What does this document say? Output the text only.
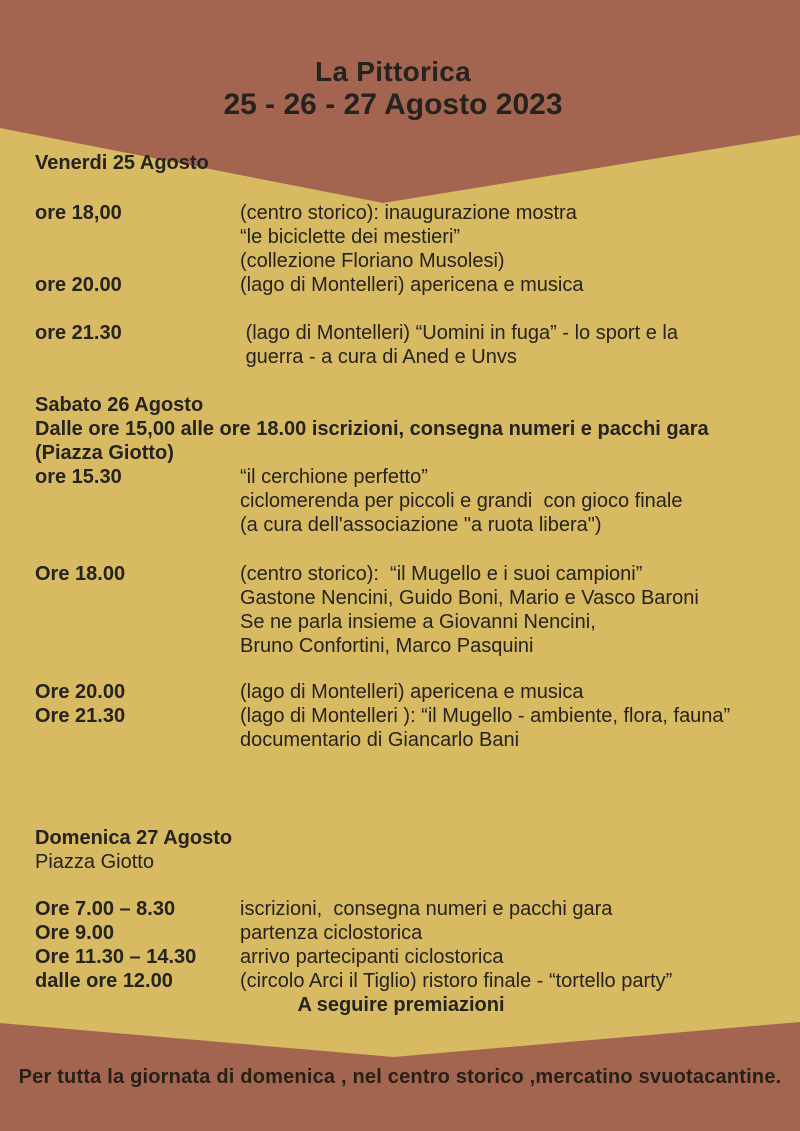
La Pittorica
25 - 26 - 27 Agosto 2023
Venerdi 25 Agosto
ore 18,00	(centro storico): inaugurazione mostra
“le biciclette dei mestieri”
(collezione Floriano Musolesi)
ore 20.00	(lago di Montelleri) apericena e musica
ore 21.30	(lago di Montelleri) “Uomini in fuga” - lo sport e la
guerra - a cura di Aned e Unvs
Sabato 26 Agosto
Dalle ore 15,00 alle ore 18.00 iscrizioni, consegna numeri e pacchi gara
(Piazza Giotto)
ore 15.30	“il cerchione perfetto”
ciclomerenda per piccoli e grandi  con gioco finale
(a cura dell'associazione "a ruota libera")
Ore 18.00	(centro storico):  “il Mugello e i suoi campioni”
Gastone Nencini, Guido Boni, Mario e Vasco Baroni
Se ne parla insieme a Giovanni Nencini,
Bruno Confortini, Marco Pasquini
Ore 20.00	(lago di Montelleri) apericena e musica
Ore 21.30	(lago di Montelleri ): “il Mugello - ambiente, flora, fauna”
documentario di Giancarlo Bani
Domenica 27 Agosto
Piazza Giotto
Ore 7.00 – 8.30	iscrizioni,  consegna numeri e pacchi gara
Ore 9.00	partenza ciclostorica
Ore 11.30 – 14.30	arrivo partecipanti ciclostorica
dalle ore 12.00	(circolo Arci il Tiglio) ristoro finale - “tortello party”
A seguire premiazioni
Per tutta la giornata di domenica , nel centro storico ,mercatino svuotacantine.
